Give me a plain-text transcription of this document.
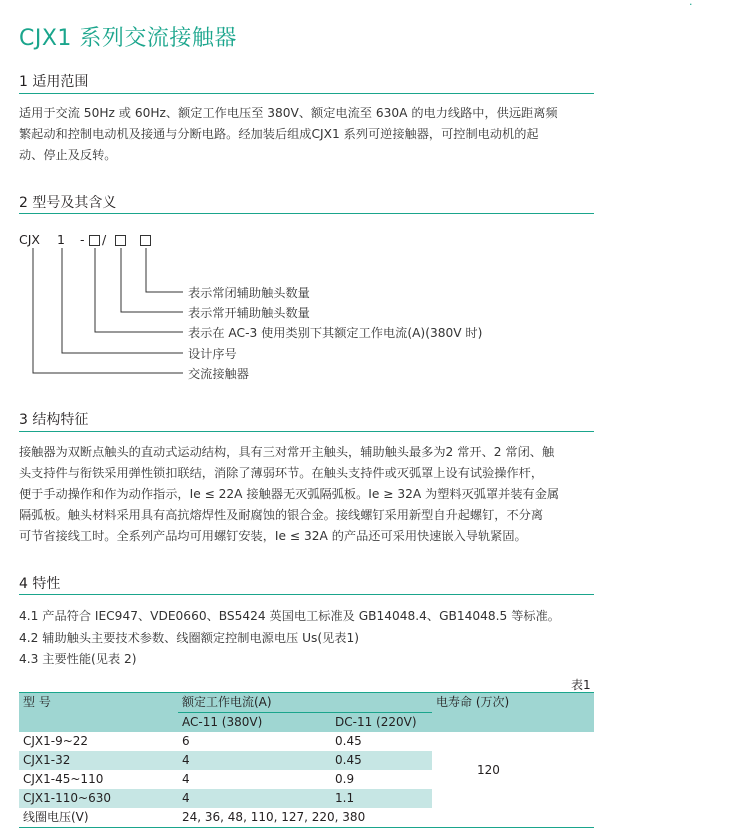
·
CJX1 系列交流接触器
1 适用范围
适用于交流 50Hz 或 60Hz、额定工作电压至 380V、额定电流至 630A 的电力线路中，供远距离频
繁起动和控制电动机及接通与分断电路。经加装后组成CJX1 系列可逆接触器，可控制电动机的起
动、停止及反转。
2 型号及其含义
CJX 1 - /
表示常闭辅助触头数量
表示常开辅助触头数量
表示在 AC-3 使用类别下其额定工作电流(A)(380V 时)
设计序号
交流接触器
3 结构特征
接触器为双断点触头的直动式运动结构，具有三对常开主触头，辅助触头最多为2 常开、2 常闭、触
头支持件与衔铁采用弹性锁扣联结，消除了薄弱环节。在触头支持件或灭弧罩上设有试验操作杆，
便于手动操作和作为动作指示，Ie ≤ 22A 接触器无灭弧隔弧板。Ie ≥ 32A 为塑料灭弧罩并装有金属
隔弧板。触头材料采用具有高抗熔焊性及耐腐蚀的银合金。接线螺钉采用新型自升起螺钉，不分离
可节省接线工时。全系列产品均可用螺钉安装，Ie ≤ 32A 的产品还可采用快速嵌入导轨紧固。
4 特性
4.1 产品符合 IEC947、VDE0660、BS5424 英国电工标准及 GB14048.4、GB14048.5 等标准。
4.2 辅助触头主要技术参数、线圈额定控制电源电压 Us(见表1)
4.3 主要性能(见表 2)
表1
型 号	额定工作电流(A)		电寿命 (万次)
	AC-11 (380V)	DC-11 (220V)	
CJX1-9~22	6	0.45	120
CJX1-32	4	0.45	
CJX1-45~110	4	0.9	
CJX1-110~630	4	1.1	
线圈电压(V)	24, 36, 48, 110, 127, 220, 380		
